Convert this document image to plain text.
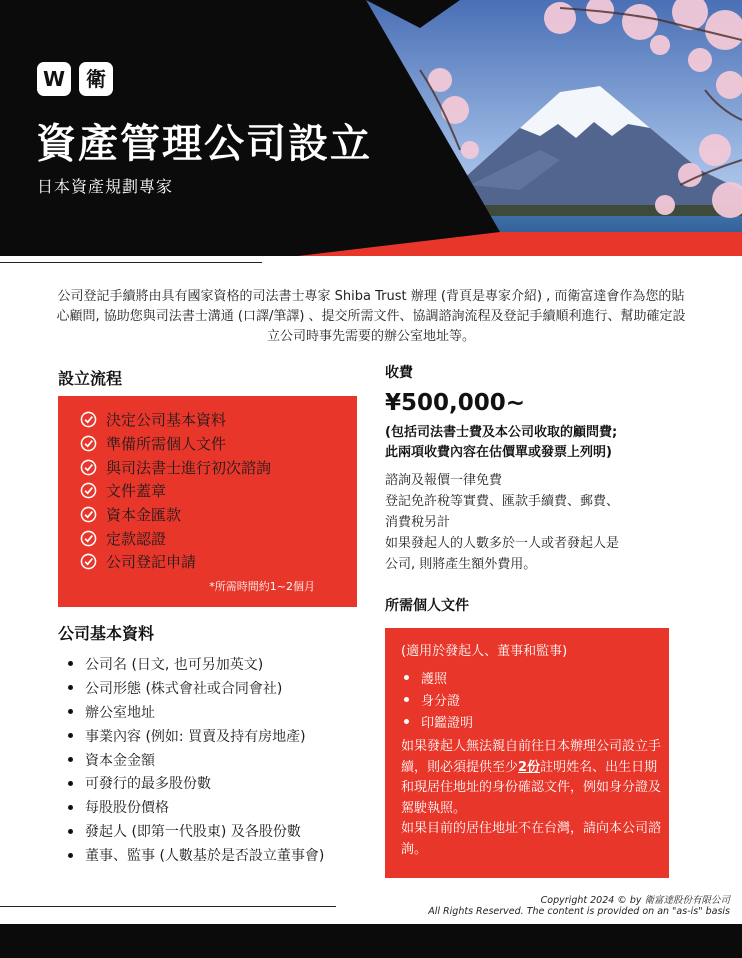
W	衛
資產管理公司設立
日本資產規劃專家
公司登記手續將由具有國家資格的司法書士專家 Shiba Trust 辦理 (背頁是專家介紹) , 而衛富達會作為您的貼心顧問, 協助您與司法書士溝通 (口譯/筆譯) 、提交所需文件、協調諮詢流程及登記手續順利進行、幫助確定設立公司時事先需要的辦公室地址等。
設立流程
決定公司基本資料
準備所需個人文件
與司法書士進行初次諮詢
文件蓋章
資本金匯款
定款認證
公司登記申請
*所需時間約1~2個月
公司基本資料
公司名 (日文, 也可另加英文)
公司形態 (株式會社或合同會社)
辦公室地址
事業內容 (例如: 買賣及持有房地產)
資本金金額
可發行的最多股份數
每股股份價格
發起人 (即第一代股東) 及各股份數
董事、監事 (人數基於是否設立董事會)
收費
¥500,000~
(包括司法書士費及本公司收取的顧問費;
此兩項收費內容在估價單或發票上列明)
諮詢及報價一律免費
登記免許稅等實費、匯款手續費、郵費、
消費稅另計
如果發起人的人數多於一人或者發起人是
公司, 則將產生額外費用。
所需個人文件
(適用於發起人、董事和監事)
護照
身分證
印鑑證明
如果發起人無法親自前往日本辦理公司設立手續，則必須提供至少2份註明姓名、出生日期和現居住地址的身份確認文件，例如身分證及駕駛執照。
如果目前的居住地址不在台灣，請向本公司諮詢。
Copyright 2024 © by 衛富達股份有限公司
All Rights Reserved. The content is provided on an "as-is" basis
